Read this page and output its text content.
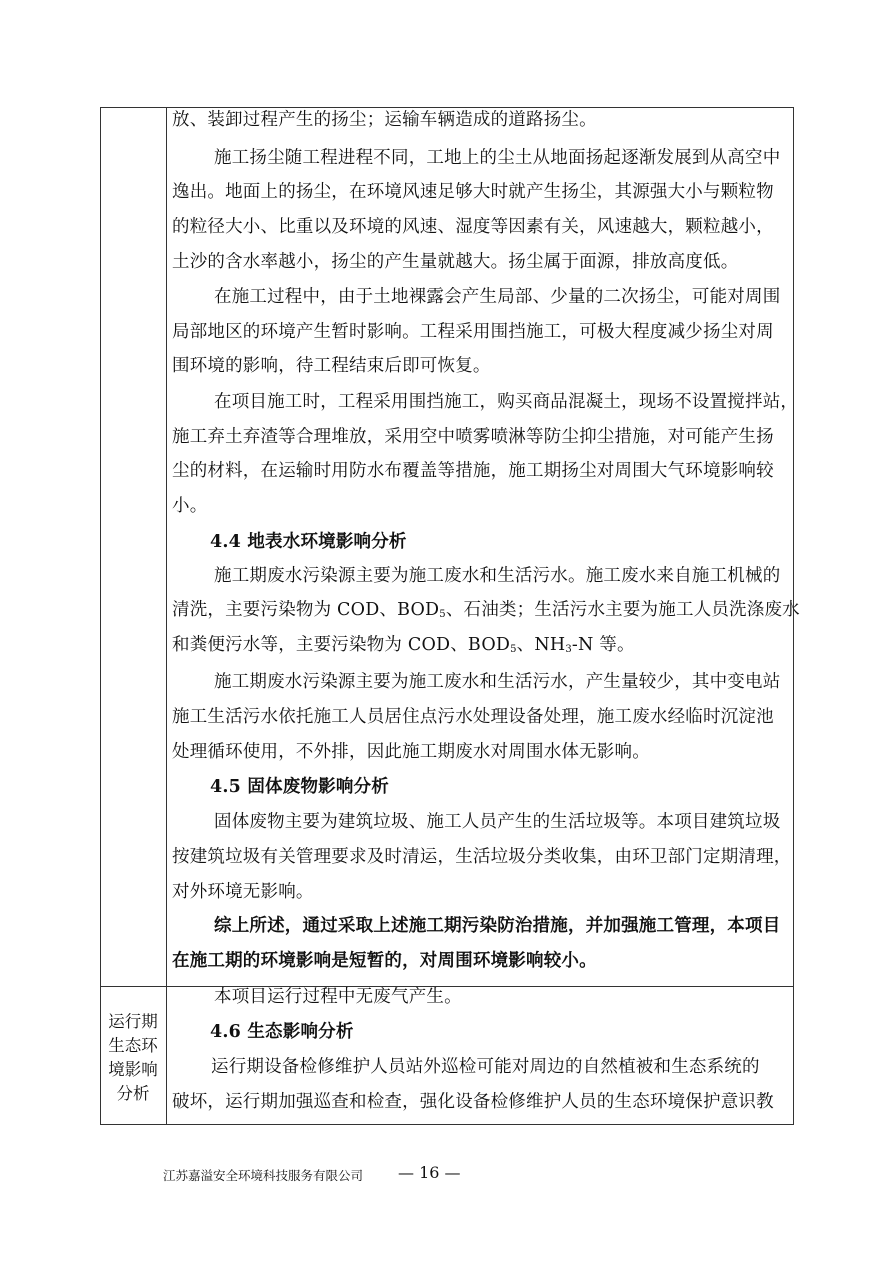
放、装卸过程产生的扬尘；运输车辆造成的道路扬尘。
施工扬尘随工程进程不同，工地上的尘土从地面扬起逐渐发展到从高空中
逸出。地面上的扬尘，在环境风速足够大时就产生扬尘，其源强大小与颗粒物
的粒径大小、比重以及环境的风速、湿度等因素有关，风速越大，颗粒越小，
土沙的含水率越小，扬尘的产生量就越大。扬尘属于面源，排放高度低。
在施工过程中，由于土地裸露会产生局部、少量的二次扬尘，可能对周围
局部地区的环境产生暂时影响。工程采用围挡施工，可极大程度减少扬尘对周
围环境的影响，待工程结束后即可恢复。
在项目施工时，工程采用围挡施工，购买商品混凝土，现场不设置搅拌站，
施工弃土弃渣等合理堆放，采用空中喷雾喷淋等防尘抑尘措施，对可能产生扬
尘的材料，在运输时用防水布覆盖等措施，施工期扬尘对周围大气环境影响较
小。
4.4 地表水环境影响分析
施工期废水污染源主要为施工废水和生活污水。施工废水来自施工机械的
清洗，主要污染物为 COD、$BOD_5$、石油类；生活污水主要为施工人员洗涤废水
和粪便污水等，主要污染物为 COD、$BOD_5$、$NH_3-N$ 等。
施工期废水污染源主要为施工废水和生活污水，产生量较少，其中变电站
施工生活污水依托施工人员居住点污水处理设备处理，施工废水经临时沉淀池
处理循环使用，不外排，因此施工期废水对周围水体无影响。
4.5 固体废物影响分析
固体废物主要为建筑垃圾、施工人员产生的生活垃圾等。本项目建筑垃圾
按建筑垃圾有关管理要求及时清运，生活垃圾分类收集，由环卫部门定期清理，
对外环境无影响。
综上所述，通过采取上述施工期污染防治措施，并加强施工管理，本项目
在施工期的环境影响是短暂的，对周围环境影响较小。
运行期
生态环
境影响
分析
本项目运行过程中无废气产生。
4.6 生态影响分析
运行期设备检修维护人员站外巡检可能对周边的自然植被和生态系统的
破坏，运行期加强巡查和检查，强化设备检修维护人员的生态环境保护意识教
江苏嘉溢安全环境科技服务有限公司 — 16 —
